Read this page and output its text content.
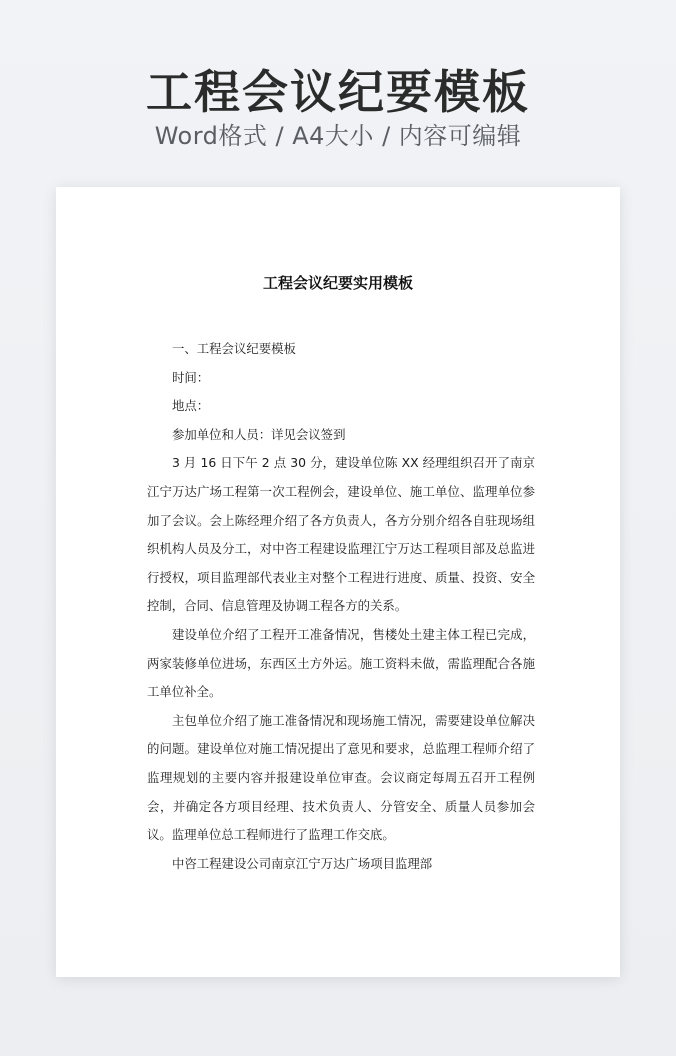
工程会议纪要模板
Word格式 / A4大小 / 内容可编辑
工程会议纪要实用模板

一、工程会议纪要模板

时间：

地点：

参加单位和人员：详见会议签到

3 月 16 日下午 2 点 30 分，建设单位陈 XX 经理组织召开了南京江宁万达广场工程第一次工程例会，建设单位、施工单位、监理单位参加了会议。会上陈经理介绍了各方负责人，各方分别介绍各自驻现场组织机构人员及分工，对中咨工程建设监理江宁万达工程项目部及总监进行授权，项目监理部代表业主对整个工程进行进度、质量、投资、安全控制，合同、信息管理及协调工程各方的关系。

建设单位介绍了工程开工准备情况，售楼处土建主体工程已完成，两家装修单位进场，东西区土方外运。施工资料未做，需监理配合各施工单位补全。

主包单位介绍了施工准备情况和现场施工情况，需要建设单位解决的问题。建设单位对施工情况提出了意见和要求，总监理工程师介绍了监理规划的主要内容并报建设单位审查。会议商定每周五召开工程例会，并确定各方项目经理、技术负责人、分管安全、质量人员参加会议。监理单位总工程师进行了监理工作交底。

中咨工程建设公司南京江宁万达广场项目监理部
